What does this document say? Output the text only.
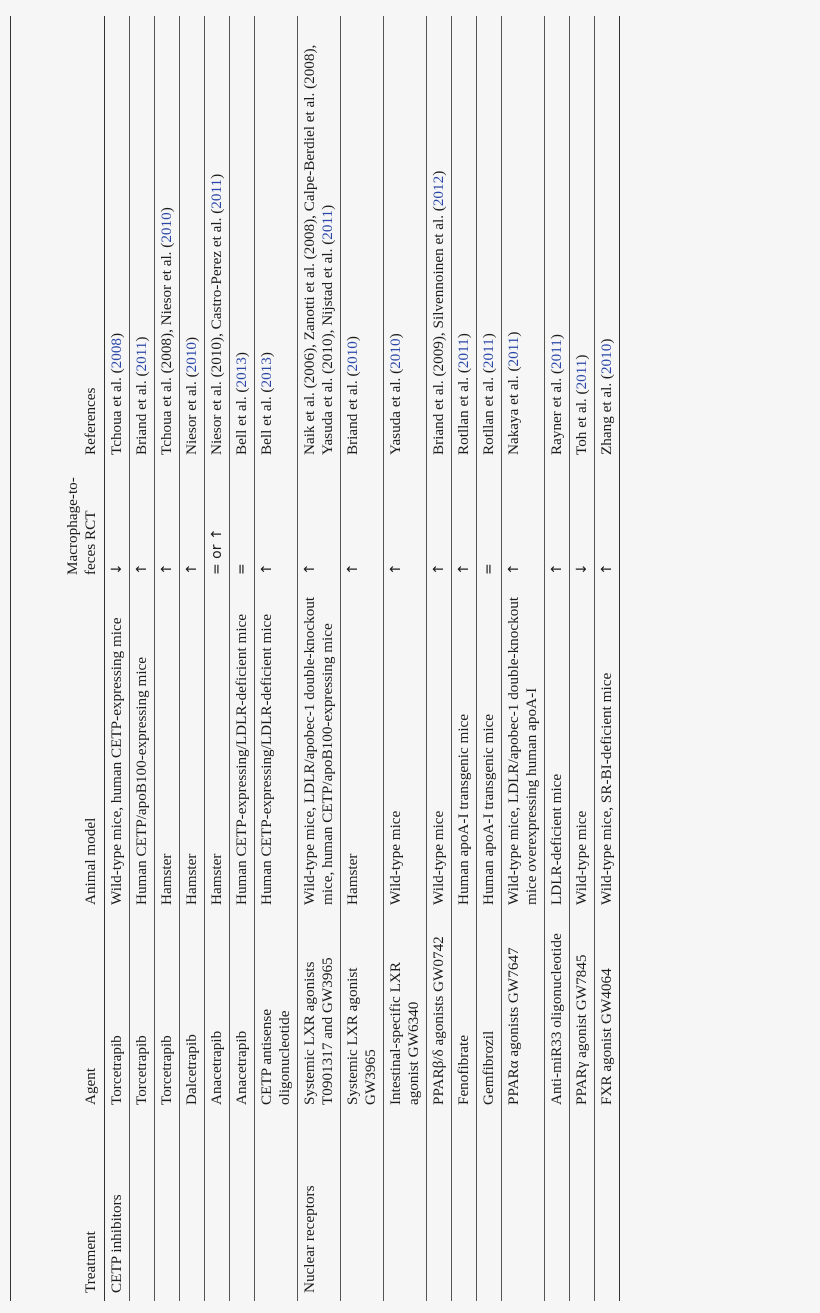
Treatment	Agent	Animal model	Macrophage-to-feces RCT	References
CETP inhibitors	Torcetrapib	Wild-type mice, human CETP-expressing mice	↓	Tchoua et al. (2008)
	Torcetrapib	Human CETP/apoB100-expressing mice	↑	Briand et al. (2011)
	Torcetrapib	Hamster	↑	Tchoua et al. (2008), Niesor et al. (2010)
	Dalcetrapib	Hamster	↑	Niesor et al. (2010)
	Anacetrapib	Hamster	= or ↑	Niesor et al. (2010), Castro-Perez et al. (2011)
	Anacetrapib	Human CETP-expressing/LDLR-deficient mice	=	Bell et al. (2013)
	CETP antisense oligonucleotide	Human CETP-expressing/LDLR-deficient mice	↑	Bell et al. (2013)
Nuclear receptors	Systemic LXR agonists T0901317 and GW3965	Wild-type mice, LDLR/apobec-1 double-knockout mice, human CETP/apoB100-expressing mice	↑	Naik et al. (2006), Zanotti et al. (2008), Calpe-Berdiel et al. (2008), Yasuda et al. (2010), Nijstad et al. (2011)
	Systemic LXR agonist GW3965	Hamster	↑	Briand et al. (2010)
	Intestinal-specific LXR agonist GW6340	Wild-type mice	↑	Yasuda et al. (2010)
	PPARβ/δ agonists GW0742	Wild-type mice	↑	Briand et al. (2009), Silvennoinen et al. (2012)
	Fenofibrate	Human apoA-I transgenic mice	↑	Rotllan et al. (2011)
	Gemfibrozil	Human apoA-I transgenic mice	=	Rotllan et al. (2011)
	PPARα agonists GW7647	Wild-type mice, LDLR/apobec-1 double-knockout mice overexpressing human apoA-I	↑	Nakaya et al. (2011)
	Anti-miR33 oligonucleotide	LDLR-deficient mice	↑	Rayner et al. (2011)
	PPARγ agonist GW7845	Wild-type mice	↓	Toh et al. (2011)
	FXR agonist GW4064	Wild-type mice, SR-BI-deficient mice	↑	Zhang et al. (2010)
